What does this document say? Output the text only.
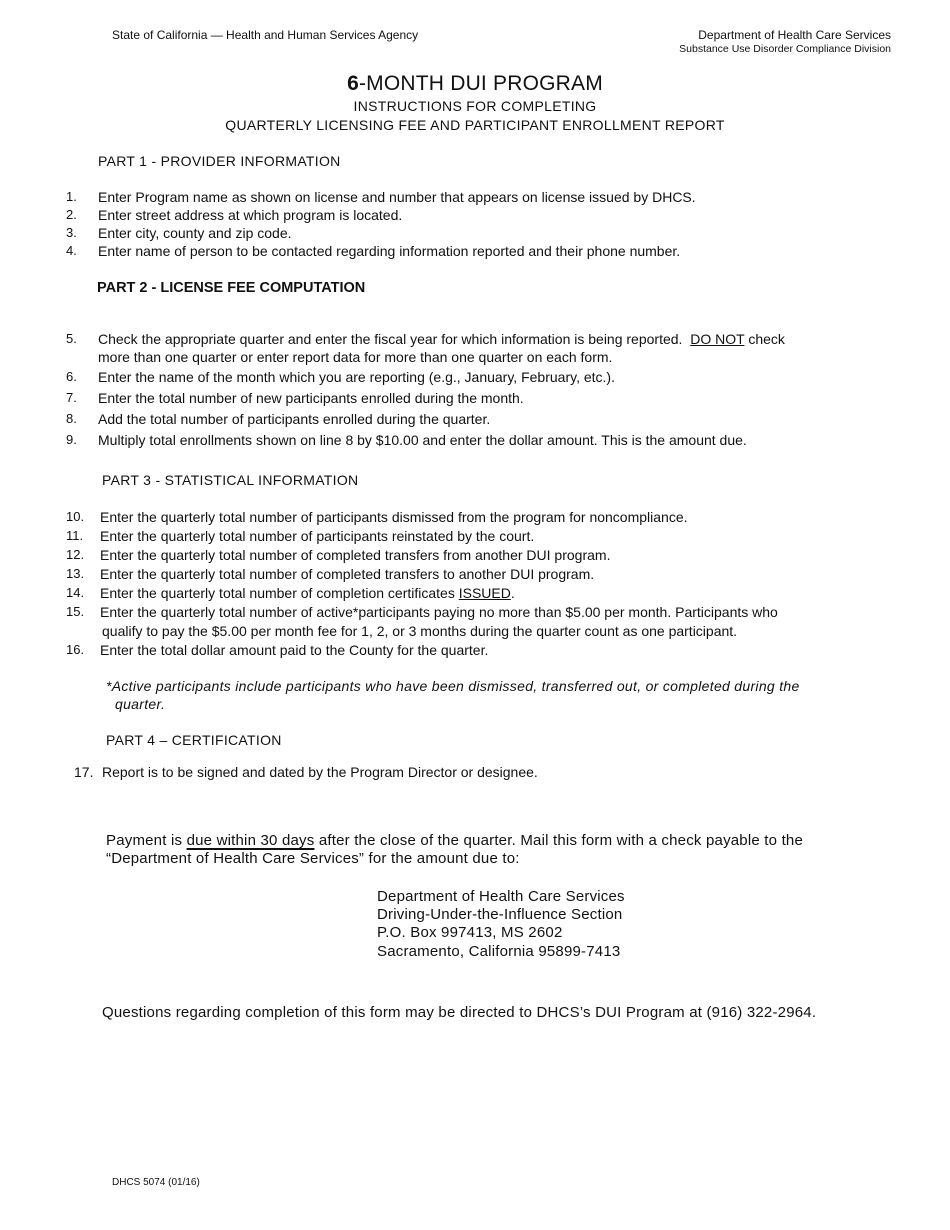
State of California — Health and Human Services Agency	Department of Health Care Services
Substance Use Disorder Compliance Division
6-MONTH DUI PROGRAM
INSTRUCTIONS FOR COMPLETING
QUARTERLY LICENSING FEE AND PARTICIPANT ENROLLMENT REPORT
PART 1 - PROVIDER INFORMATION
1. Enter Program name as shown on license and number that appears on license issued by DHCS.
2. Enter street address at which program is located.
3. Enter city, county and zip code.
4. Enter name of person to be contacted regarding information reported and their phone number.
PART 2 - LICENSE FEE COMPUTATION
5. Check the appropriate quarter and enter the fiscal year for which information is being reported. DO NOT check
more than one quarter or enter report data for more than one quarter on each form.
6. Enter the name of the month which you are reporting (e.g., January, February, etc.).
7. Enter the total number of new participants enrolled during the month.
8. Add the total number of participants enrolled during the quarter.
9. Multiply total enrollments shown on line 8 by $10.00 and enter the dollar amount. This is the amount due.
PART 3 - STATISTICAL INFORMATION
10. Enter the quarterly total number of participants dismissed from the program for noncompliance.
11. Enter the quarterly total number of participants reinstated by the court.
12. Enter the quarterly total number of completed transfers from another DUI program.
13. Enter the quarterly total number of completed transfers to another DUI program.
14. Enter the quarterly total number of completion certificates ISSUED.
15. Enter the quarterly total number of active*participants paying no more than $5.00 per month. Participants who
qualify to pay the $5.00 per month fee for 1, 2, or 3 months during the quarter count as one participant.
16. Enter the total dollar amount paid to the County for the quarter.
*Active participants include participants who have been dismissed, transferred out, or completed during the
quarter.
PART 4 – CERTIFICATION
17. Report is to be signed and dated by the Program Director or designee.
Payment is due within 30 days after the close of the quarter. Mail this form with a check payable to the
“Department of Health Care Services” for the amount due to:
Department of Health Care Services
Driving-Under-the-Influence Section
P.O. Box 997413, MS 2602
Sacramento, California 95899-7413
Questions regarding completion of this form may be directed to DHCS’s DUI Program at (916) 322-2964.
DHCS 5074 (01/16)
